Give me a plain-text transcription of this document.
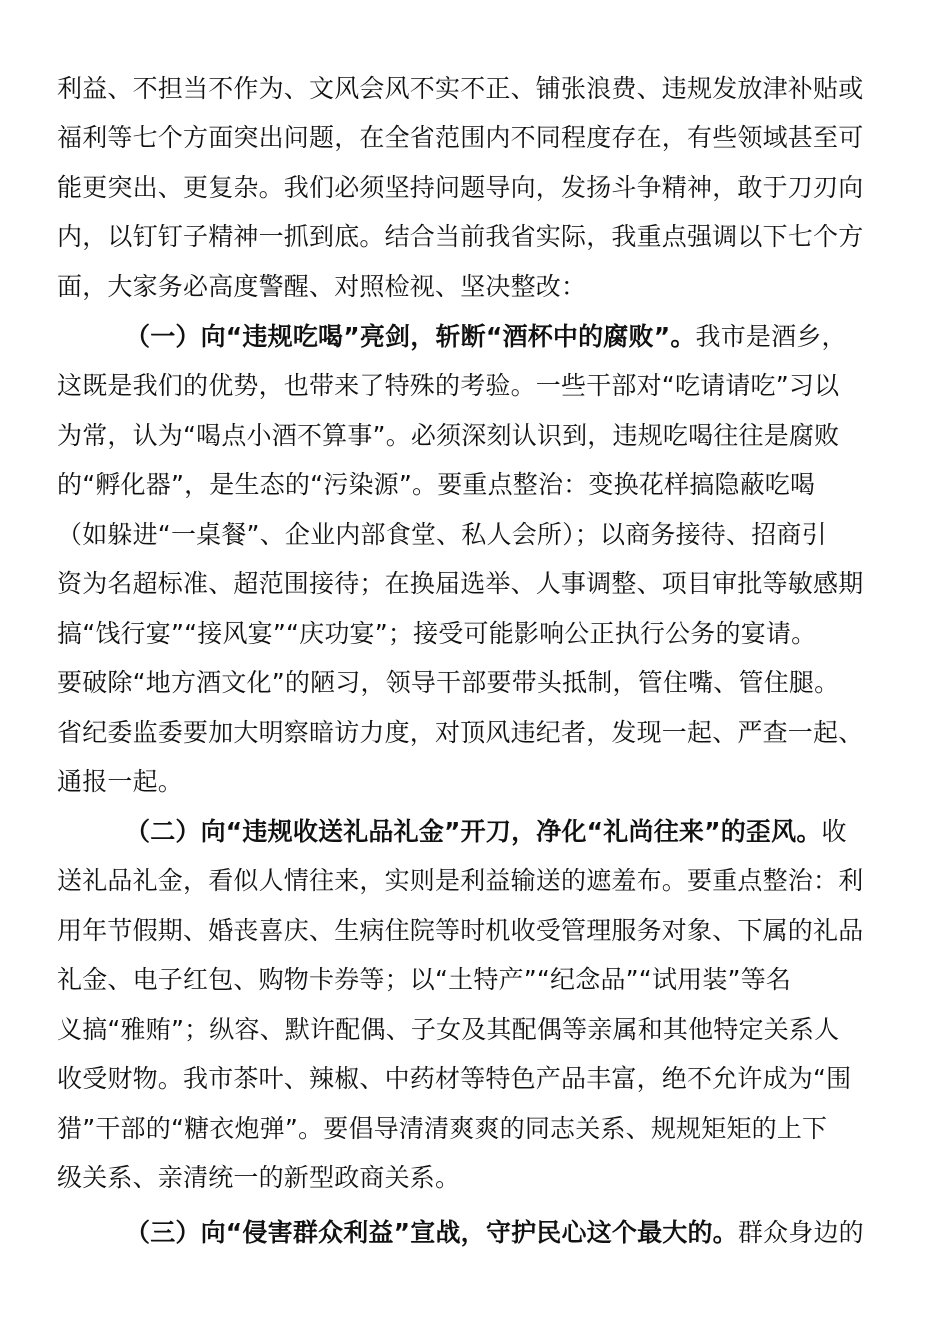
利益、不担当不作为、文风会风不实不正、铺张浪费、违规发放津补贴或
福利等七个方面突出问题，在全省范围内不同程度存在，有些领域甚至可
能更突出、更复杂。我们必须坚持问题导向，发扬斗争精神，敢于刀刃向
内，以钉钉子精神一抓到底。结合当前我省实际，我重点强调以下七个方
面，大家务必高度警醒、对照检视、坚决整改：
（一）向“违规吃喝”亮剑，斩断“酒杯中的腐败”。我市是酒乡，
这既是我们的优势，也带来了特殊的考验。一些干部对“吃请请吃”习以
为常，认为“喝点小酒不算事”。必须深刻认识到，违规吃喝往往是腐败
的“孵化器”，是生态的“污染源”。要重点整治：变换花样搞隐蔽吃喝
（如躲进“一桌餐”、企业内部食堂、私人会所）；以商务接待、招商引
资为名超标准、超范围接待；在换届选举、人事调整、项目审批等敏感期
搞“饯行宴”“接风宴”“庆功宴”；接受可能影响公正执行公务的宴请。
要破除“地方酒文化”的陋习，领导干部要带头抵制，管住嘴、管住腿。
省纪委监委要加大明察暗访力度，对顶风违纪者，发现一起、严查一起、
通报一起。
（二）向“违规收送礼品礼金”开刀，净化“礼尚往来”的歪风。收
送礼品礼金，看似人情往来，实则是利益输送的遮羞布。要重点整治：利
用年节假期、婚丧喜庆、生病住院等时机收受管理服务对象、下属的礼品
礼金、电子红包、购物卡券等；以“土特产”“纪念品”“试用装”等名
义搞“雅贿”；纵容、默许配偶、子女及其配偶等亲属和其他特定关系人
收受财物。我市茶叶、辣椒、中药材等特色产品丰富，绝不允许成为“围
猎”干部的“糖衣炮弹”。要倡导清清爽爽的同志关系、规规矩矩的上下
级关系、亲清统一的新型政商关系。
（三）向“侵害群众利益”宣战，守护民心这个最大的。群众身边的
